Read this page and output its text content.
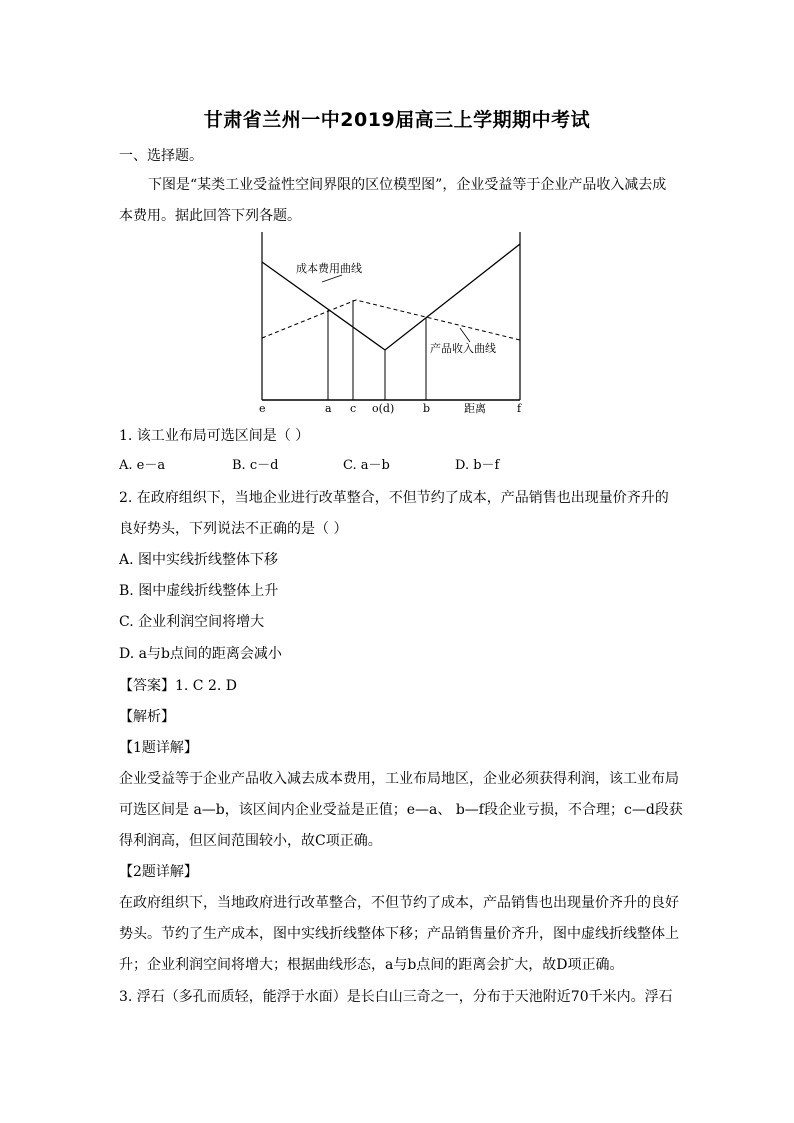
甘肃省兰州一中2019届高三上学期期中考试
一、选择题。
下图是“某类工业受益性空间界限的区位模型图”，企业受益等于企业产品收入减去成
本费用。据此回答下列各题。
成本费用曲线
产品收入曲线
e	a c o(d)	b	距离	f
1. 该工业布局可选区间是（ ）
A. e－a	B. c－d	C. a－b	D. b－f
2. 在政府组织下，当地企业进行改革整合，不但节约了成本，产品销售也出现量价齐升的
良好势头，下列说法不正确的是（ ）
A. 图中实线折线整体下移
B. 图中虚线折线整体上升
C. 企业利润空间将增大
D. a与b点间的距离会减小
【答案】1. C 2. D
【解析】
【1题详解】
企业受益等于企业产品收入减去成本费用，工业布局地区，企业必须获得利润，该工业布局
可选区间是 a—b，该区间内企业受益是正值；e—a、 b—f段企业亏损，不合理；c—d段获
得利润高，但区间范围较小，故C项正确。
【2题详解】
在政府组织下，当地政府进行改革整合，不但节约了成本，产品销售也出现量价齐升的良好
势头。节约了生产成本，图中实线折线整体下移；产品销售量价齐升，图中虚线折线整体上
升；企业利润空间将增大；根据曲线形态，a与b点间的距离会扩大，故D项正确。
3. 浮石（多孔而质轻，能浮于水面）是长白山三奇之一，分布于天池附近70千米内。浮石
